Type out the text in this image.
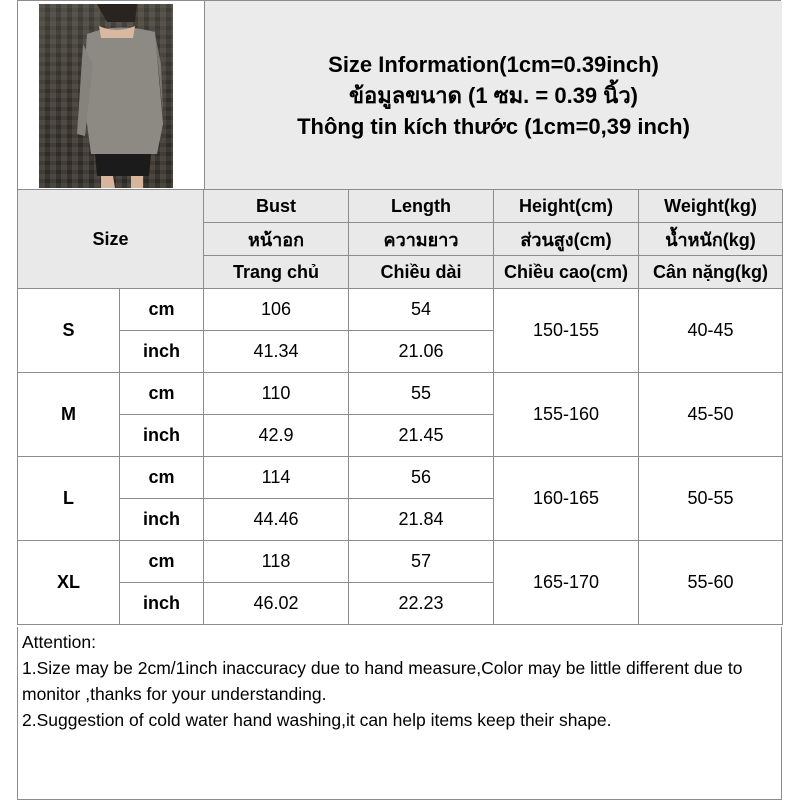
Size Information(1cm=0.39inch)
ข้อมูลขนาด (1 ซม. = 0.39 นิ้ว)
Thông tin kích thước (1cm=0,39 inch)
Size		Bust	Length	Height(cm)	Weight(kg)
		หน้าอก	ความยาว	ส่วนสูง(cm)	น้ำหนัก(kg)
		Trang chủ	Chiều dài	Chiều cao(cm)	Cân nặng(kg)
S	cm	106	54	150-155	40-45
	inch	41.34	21.06		
M	cm	110	55	155-160	45-50
	inch	42.9	21.45		
L	cm	114	56	160-165	50-55
	inch	44.46	21.84		
XL	cm	118	57	165-170	55-60
	inch	46.02	22.23		
Attention:
1.Size may be 2cm/1inch inaccuracy due to hand measure,Color may be little different due to monitor ,thanks for your understanding.
2.Suggestion of cold water hand washing,it can help items keep their shape.
